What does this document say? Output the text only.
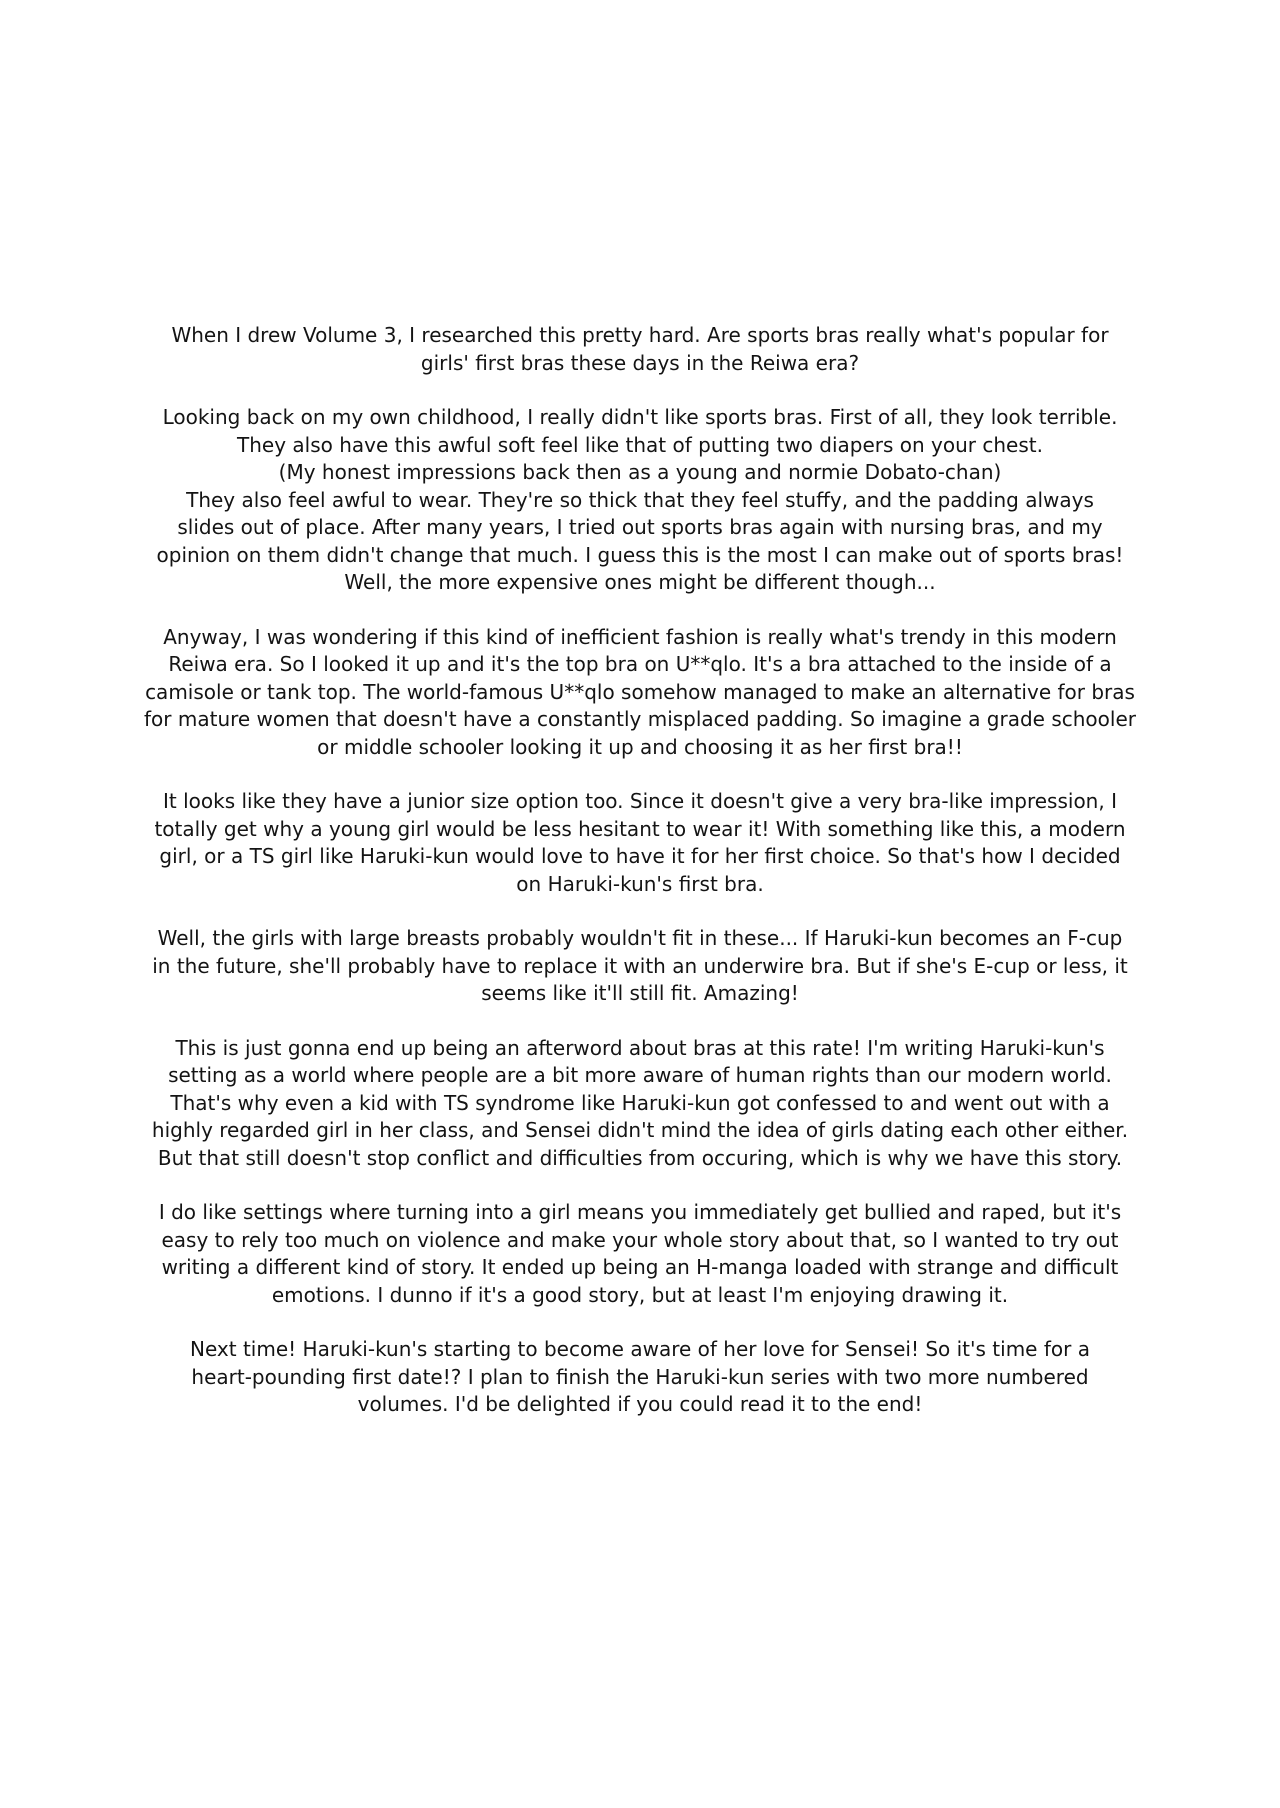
When I drew Volume 3, I researched this pretty hard. Are sports bras really what's popular for
girls' first bras these days in the Reiwa era?

Looking back on my own childhood, I really didn't like sports bras. First of all, they look terrible.
They also have this awful soft feel like that of putting two diapers on your chest.
(My honest impressions back then as a young and normie Dobato-chan)
They also feel awful to wear. They're so thick that they feel stuffy, and the padding always
slides out of place. After many years, I tried out sports bras again with nursing bras, and my
opinion on them didn't change that much. I guess this is the most I can make out of sports bras!
Well, the more expensive ones might be different though...

Anyway, I was wondering if this kind of inefficient fashion is really what's trendy in this modern
Reiwa era. So I looked it up and it's the top bra on U**qlo. It's a bra attached to the inside of a
camisole or tank top. The world-famous U**qlo somehow managed to make an alternative for bras
for mature women that doesn't have a constantly misplaced padding. So imagine a grade schooler
or middle schooler looking it up and choosing it as her first bra!!

It looks like they have a junior size option too. Since it doesn't give a very bra-like impression, I
totally get why a young girl would be less hesitant to wear it! With something like this, a modern
girl, or a TS girl like Haruki-kun would love to have it for her first choice. So that's how I decided
on Haruki-kun's first bra.

Well, the girls with large breasts probably wouldn't fit in these... If Haruki-kun becomes an F-cup
in the future, she'll probably have to replace it with an underwire bra. But if she's E-cup or less, it
seems like it'll still fit. Amazing!

This is just gonna end up being an afterword about bras at this rate! I'm writing Haruki-kun's
setting as a world where people are a bit more aware of human rights than our modern world.
That's why even a kid with TS syndrome like Haruki-kun got confessed to and went out with a
highly regarded girl in her class, and Sensei didn't mind the idea of girls dating each other either.
But that still doesn't stop conflict and difficulties from occuring, which is why we have this story.

I do like settings where turning into a girl means you immediately get bullied and raped, but it's
easy to rely too much on violence and make your whole story about that, so I wanted to try out
writing a different kind of story. It ended up being an H-manga loaded with strange and difficult
emotions. I dunno if it's a good story, but at least I'm enjoying drawing it.

Next time! Haruki-kun's starting to become aware of her love for Sensei! So it's time for a
heart-pounding first date!? I plan to finish the Haruki-kun series with two more numbered
volumes. I'd be delighted if you could read it to the end!
